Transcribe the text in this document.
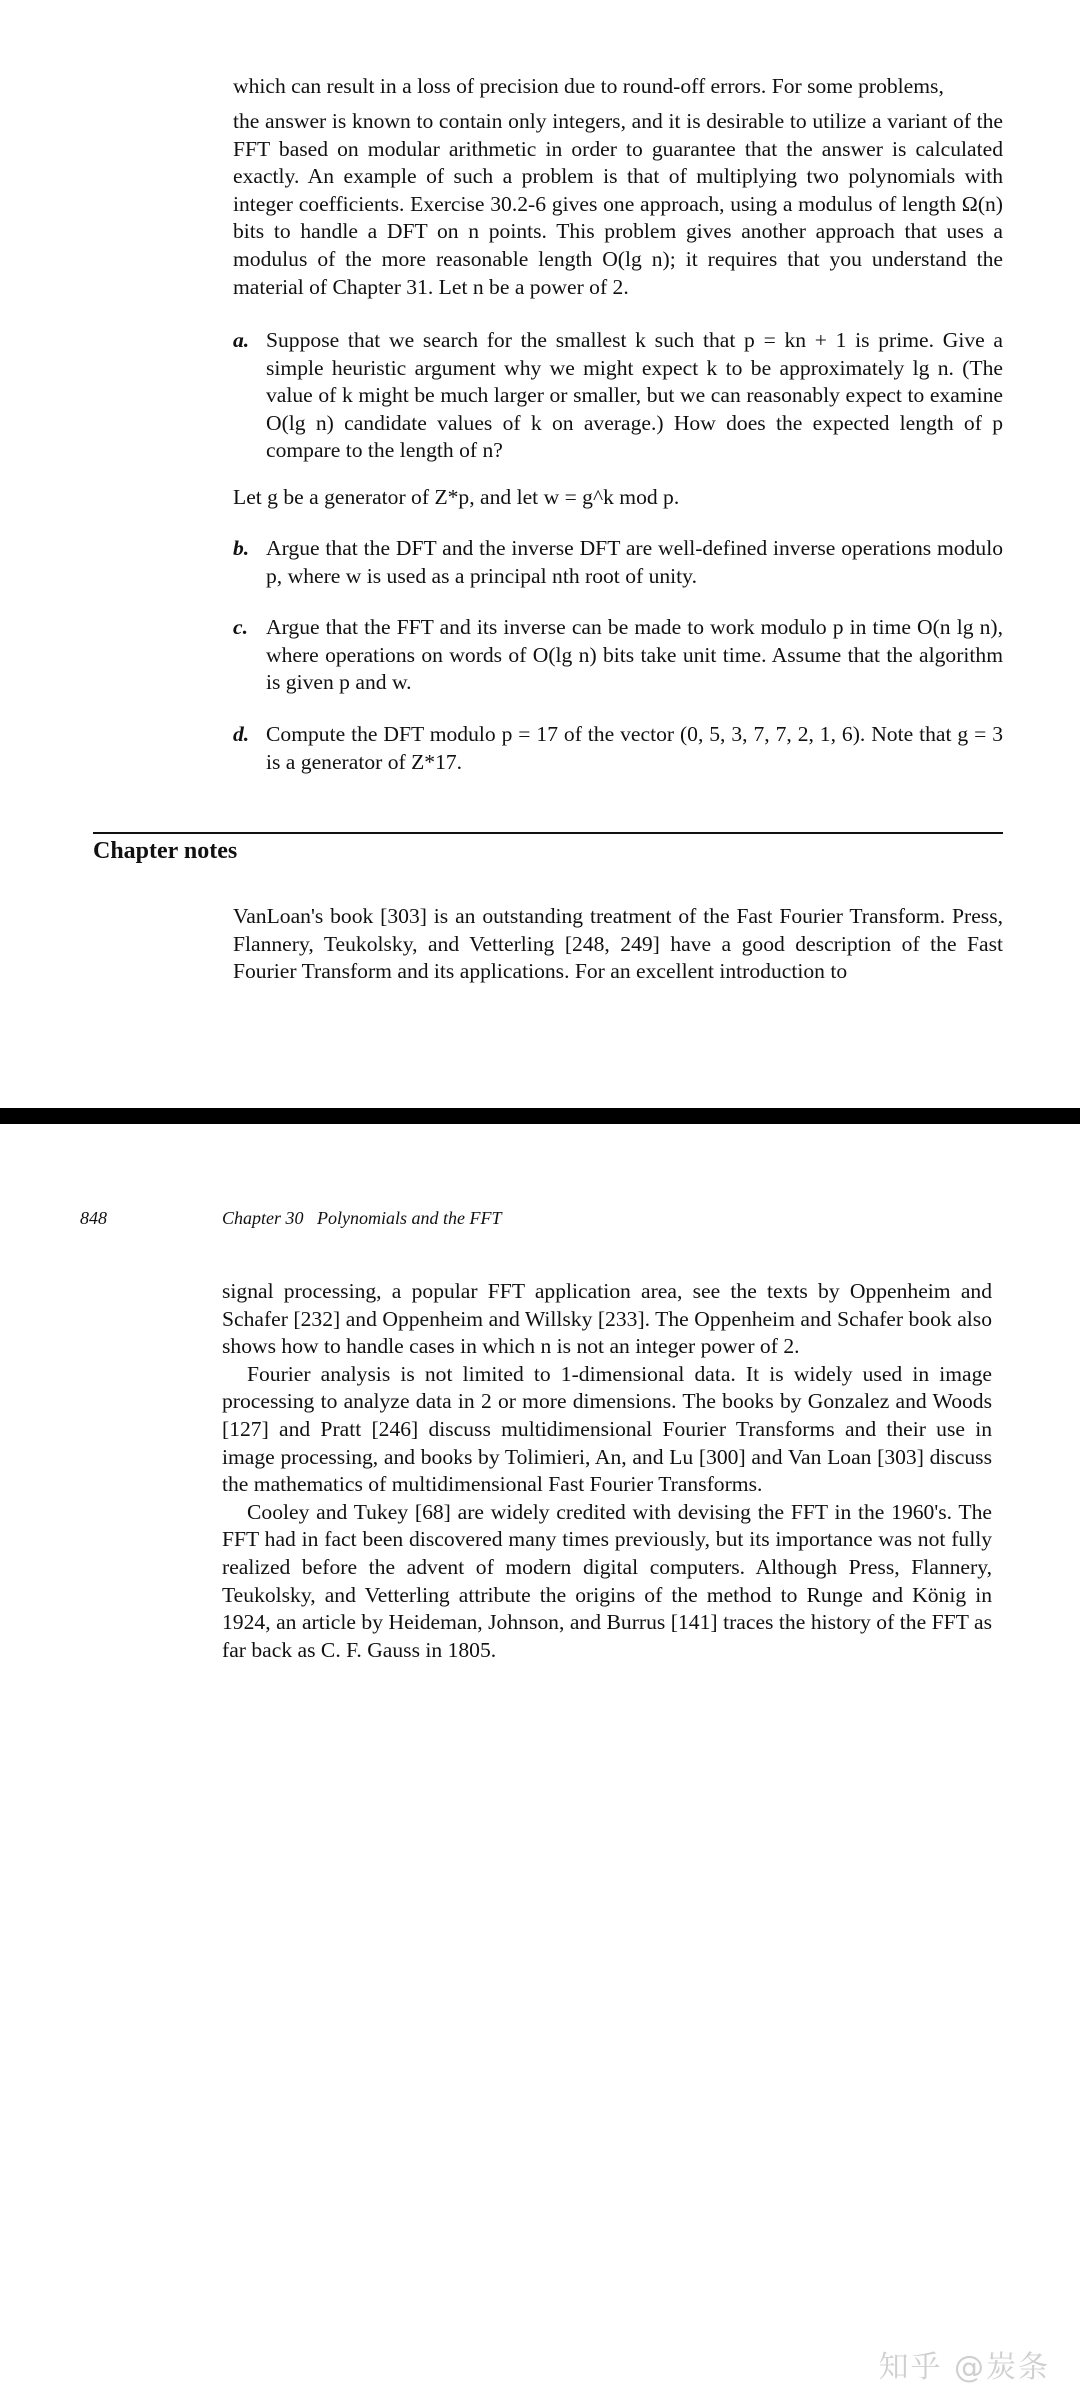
which can result in a loss of precision due to round-off errors. For some problems,
the answer is known to contain only integers, and it is desirable to utilize a variant of the FFT based on modular arithmetic in order to guarantee that the answer is calculated exactly. An example of such a problem is that of multiplying two polynomials with integer coefficients. Exercise 30.2-6 gives one approach, using a modulus of length Ω(n) bits to handle a DFT on n points. This problem gives another approach that uses a modulus of the more reasonable length O(lg n); it requires that you understand the material of Chapter 31. Let n be a power of 2.
a. Suppose that we search for the smallest k such that p = kn + 1 is prime. Give a simple heuristic argument why we might expect k to be approximately lg n. (The value of k might be much larger or smaller, but we can reasonably expect to examine O(lg n) candidate values of k on average.) How does the expected length of p compare to the length of n?
Let g be a generator of Z*p, and let w = g^k mod p.
b. Argue that the DFT and the inverse DFT are well-defined inverse operations modulo p, where w is used as a principal nth root of unity.
c. Argue that the FFT and its inverse can be made to work modulo p in time O(n lg n), where operations on words of O(lg n) bits take unit time. Assume that the algorithm is given p and w.
d. Compute the DFT modulo p = 17 of the vector (0, 5, 3, 7, 7, 2, 1, 6). Note that g = 3 is a generator of Z*17.
Chapter notes
VanLoan's book [303] is an outstanding treatment of the Fast Fourier Transform. Press, Flannery, Teukolsky, and Vetterling [248, 249] have a good description of the Fast Fourier Transform and its applications. For an excellent introduction to
848	Chapter 30   Polynomials and the FFT

signal processing, a popular FFT application area, see the texts by Oppenheim and Schafer [232] and Oppenheim and Willsky [233]. The Oppenheim and Schafer book also shows how to handle cases in which n is not an integer power of 2.

Fourier analysis is not limited to 1-dimensional data. It is widely used in image processing to analyze data in 2 or more dimensions. The books by Gonzalez and Woods [127] and Pratt [246] discuss multidimensional Fourier Transforms and their use in image processing, and books by Tolimieri, An, and Lu [300] and Van Loan [303] discuss the mathematics of multidimensional Fast Fourier Transforms.

Cooley and Tukey [68] are widely credited with devising the FFT in the 1960's. The FFT had in fact been discovered many times previously, but its importance was not fully realized before the advent of modern digital computers. Although Press, Flannery, Teukolsky, and Vetterling attribute the origins of the method to Runge and König in 1924, an article by Heideman, Johnson, and Burrus [141] traces the history of the FFT as far back as C. F. Gauss in 1805.

知乎 @炭条
